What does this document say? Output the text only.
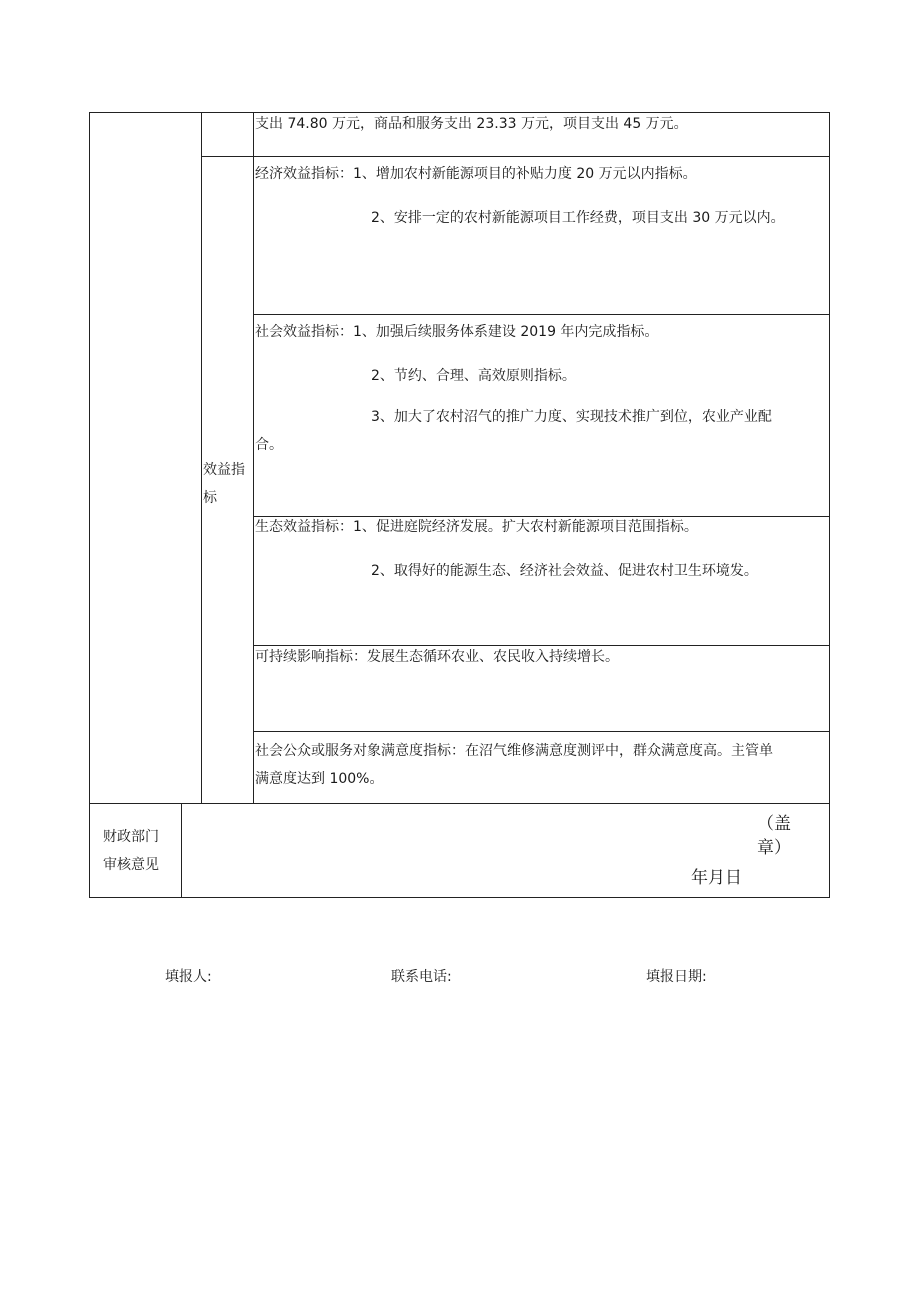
支出 74.80 万元，商品和服务支出 23.33 万元，项目支出 45 万元。
效益指
标
经济效益指标：1、增加农村新能源项目的补贴力度 20 万元以内指标。
2、安排一定的农村新能源项目工作经费，项目支出 30 万元以内。
社会效益指标：1、加强后续服务体系建设 2019 年内完成指标。
2、节约、合理、高效原则指标。
3、加大了农村沼气的推广力度、实现技术推广到位，农业产业配
合。
生态效益指标：1、促进庭院经济发展。扩大农村新能源项目范围指标。
2、取得好的能源生态、经济社会效益、促进农村卫生环境发。
可持续影响指标：发展生态循环农业、农民收入持续增长。
社会公众或服务对象满意度指标：在沼气维修满意度测评中，群众满意度高。主管单
满意度达到 100%。
财政部门
审核意见
（盖
章）
年月日
填报人:	联系电话:	填报日期:
